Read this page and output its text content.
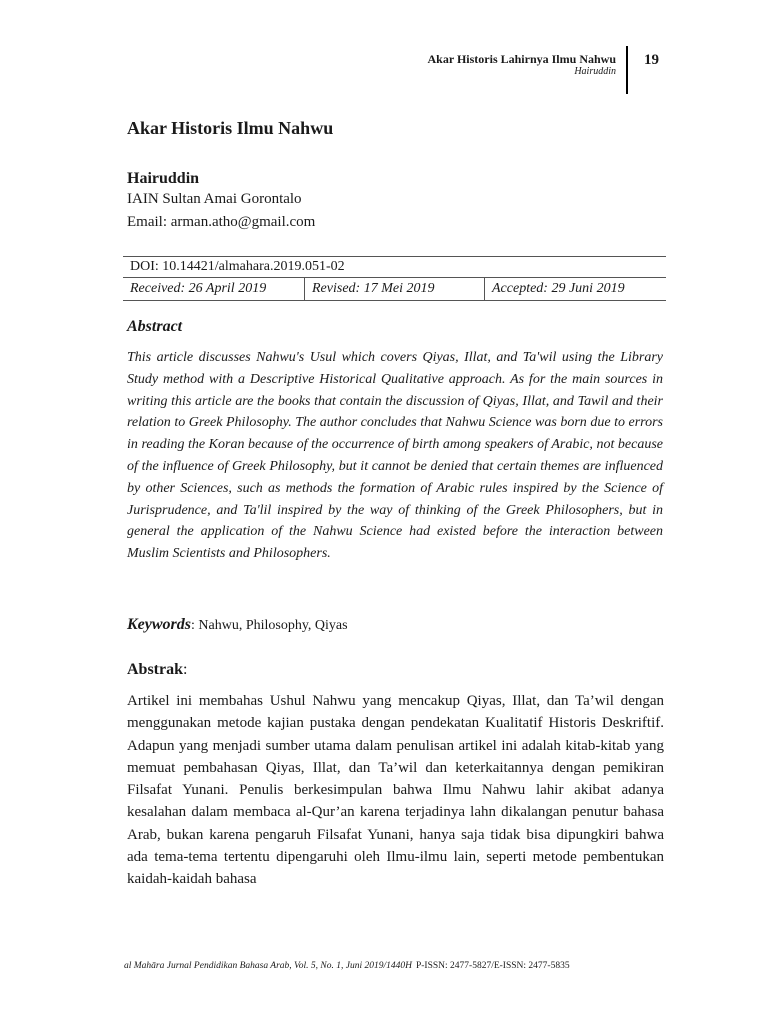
Akar Historis Lahirnya Ilmu Nahwu
Hairuddin
19
Akar Historis Ilmu Nahwu
Hairuddin
IAIN Sultan Amai Gorontalo
Email: arman.atho@gmail.com
DOI: 10.14421/almahara.2019.051-02
Received: 26 April 2019	Revised: 17 Mei 2019	Accepted: 29 Juni 2019
Abstract
This article discusses Nahwu's Usul which covers Qiyas, Illat, and Ta'wil using the Library Study method with a Descriptive Historical Qualitative approach. As for the main sources in writing this article are the books that contain the discussion of Qiyas, Illat, and Tawil and their relation to Greek Philosophy. The author concludes that Nahwu Science was born due to errors in reading the Koran because of the occurrence of birth among speakers of Arabic, not because of the influence of Greek Philosophy, but it cannot be denied that certain themes are influenced by other Sciences, such as methods the formation of Arabic rules inspired by the Science of Jurisprudence, and Ta'lil inspired by the way of thinking of the Greek Philosophers, but in general the application of the Nahwu Science had existed before the interaction between Muslim Scientists and Philosophers.
Keywords: Nahwu, Philosophy, Qiyas
Abstrak:
Artikel ini membahas Ushul Nahwu yang mencakup Qiyas, Illat, dan Ta’wil dengan menggunakan metode kajian pustaka dengan pendekatan Kualitatif Historis Deskriftif. Adapun yang menjadi sumber utama dalam penulisan artikel ini adalah kitab-kitab yang memuat pembahasan Qiyas, Illat, dan Ta’wil dan keterkaitannya dengan pemikiran Filsafat Yunani. Penulis berkesimpulan bahwa Ilmu Nahwu lahir akibat adanya kesalahan dalam membaca al-Qur’an karena terjadinya lahn dikalangan penutur bahasa Arab, bukan karena pengaruh Filsafat Yunani, hanya saja tidak bisa dipungkiri bahwa ada tema-tema tertentu dipengaruhi oleh Ilmu-ilmu lain, seperti metode pembentukan kaidah-kaidah bahasa
al Mahāra Jurnal Pendidikan Bahasa Arab, Vol. 5, No. 1, Juni 2019/1440H P-ISSN: 2477-5827/E-ISSN: 2477-5835
